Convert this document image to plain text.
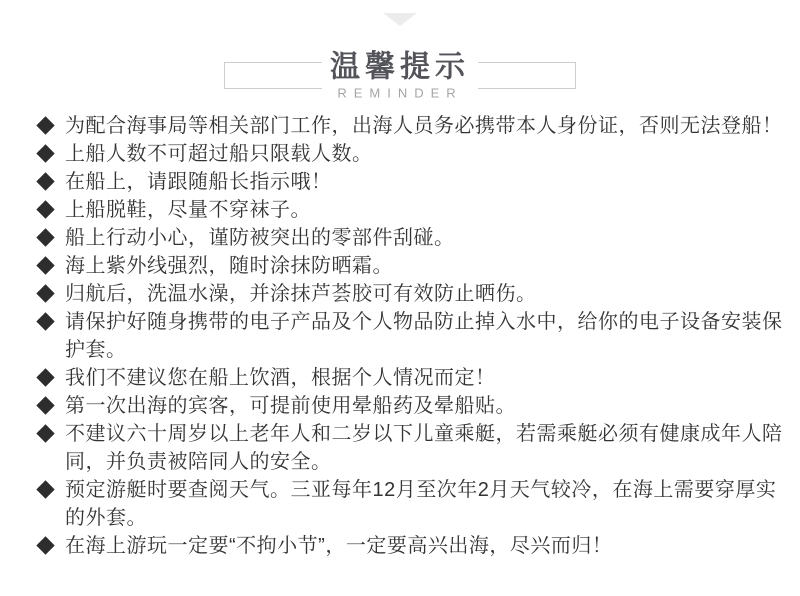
温馨提示
REMINDER
为配合海事局等相关部门工作，出海人员务必携带本人身份证，否则无法登船！
上船人数不可超过船只限载人数。
在船上，请跟随船长指示哦！
上船脱鞋，尽量不穿袜子。
船上行动小心，谨防被突出的零部件刮碰。
海上紫外线强烈，随时涂抹防晒霜。
归航后，洗温水澡，并涂抹芦荟胶可有效防止晒伤。
请保护好随身携带的电子产品及个人物品防止掉入水中，给你的电子设备安装保
护套。
我们不建议您在船上饮酒，根据个人情况而定！
第一次出海的宾客，可提前使用晕船药及晕船贴。
不建议六十周岁以上老年人和二岁以下儿童乘艇，若需乘艇必须有健康成年人陪
同，并负责被陪同人的安全。
预定游艇时要查阅天气。三亚每年12月至次年2月天气较冷，在海上需要穿厚实
的外套。
在海上游玩一定要“不拘小节”，一定要高兴出海，尽兴而归！
